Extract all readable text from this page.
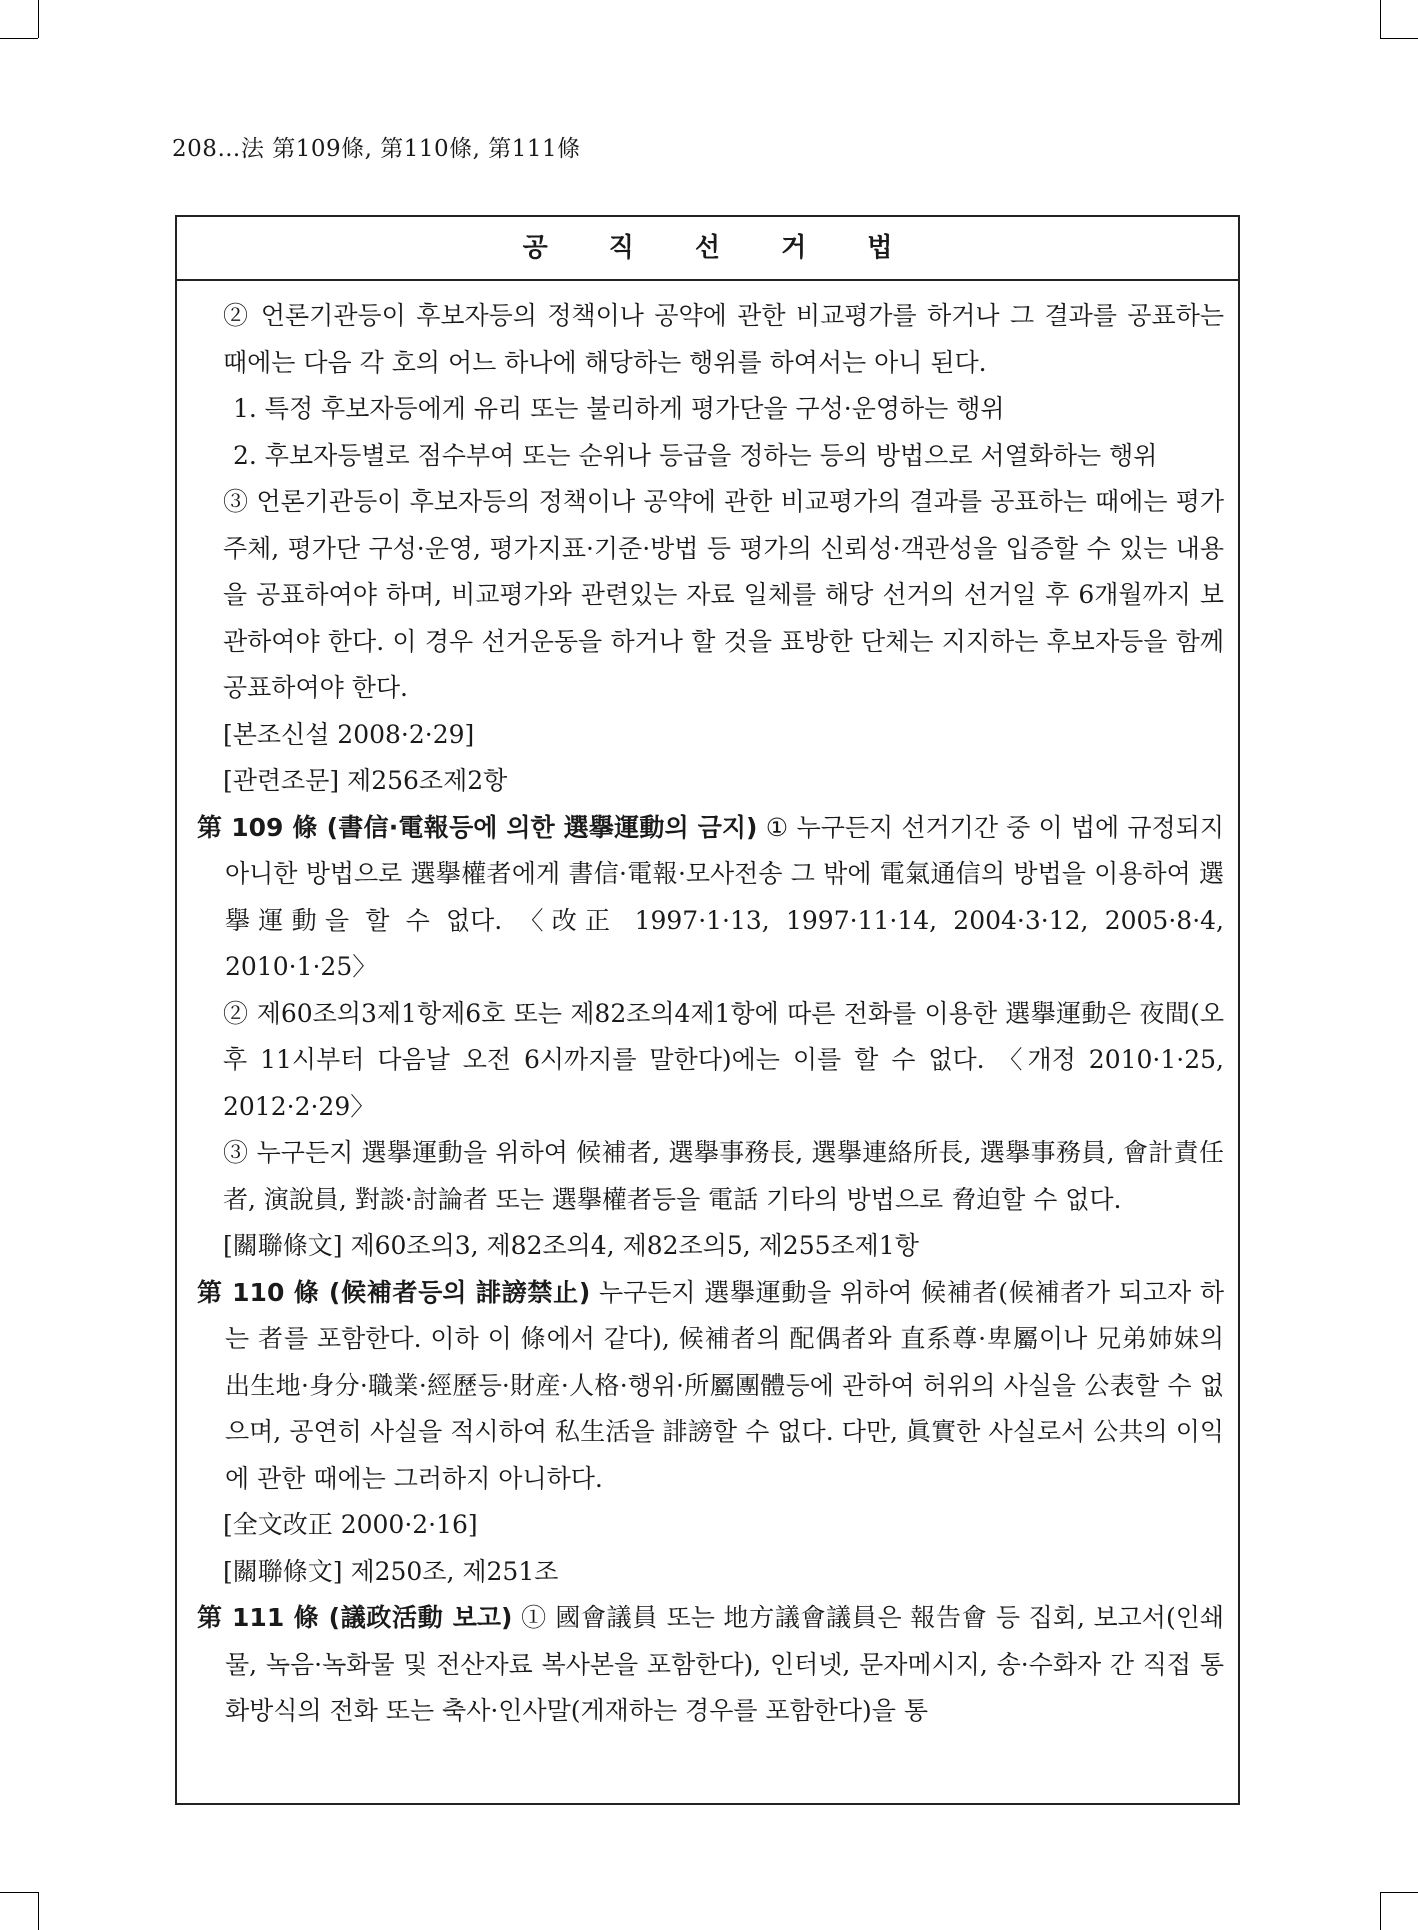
208…法 第109條, 第110條, 第111條
공 직 선 거 법

② 언론기관등이 후보자등의 정책이나 공약에 관한 비교평가를 하거나 그 결과를 공표하는 때에는 다음 각 호의 어느 하나에 해당하는 행위를 하여서는 아니 된다.

1. 특정 후보자등에게 유리 또는 불리하게 평가단을 구성·운영하는 행위

2. 후보자등별로 점수부여 또는 순위나 등급을 정하는 등의 방법으로 서열화하는 행위

③ 언론기관등이 후보자등의 정책이나 공약에 관한 비교평가의 결과를 공표하는 때에는 평가주체, 평가단 구성·운영, 평가지표·기준·방법 등 평가의 신뢰성·객관성을 입증할 수 있는 내용을 공표하여야 하며, 비교평가와 관련있는 자료 일체를 해당 선거의 선거일 후 6개월까지 보관하여야 한다. 이 경우 선거운동을 하거나 할 것을 표방한 단체는 지지하는 후보자등을 함께 공표하여야 한다.

[본조신설 2008·2·29]

[관련조문] 제256조제2항

第 109 條 (書信·電報등에 의한 選擧運動의 금지) ① 누구든지 선거기간 중 이 법에 규정되지 아니한 방법으로 選擧權者에게 書信·電報·모사전송 그 밖에 電氣通信의 방법을 이용하여 選擧運動을 할 수 없다. 〈改正 1997·1·13, 1997·11·14, 2004·3·12, 2005·8·4, 2010·1·25〉

② 제60조의3제1항제6호 또는 제82조의4제1항에 따른 전화를 이용한 選擧運動은 夜間(오후 11시부터 다음날 오전 6시까지를 말한다)에는 이를 할 수 없다. 〈개정 2010·1·25, 2012·2·29〉

③ 누구든지 選擧運動을 위하여 候補者, 選擧事務長, 選擧連絡所長, 選擧事務員, 會計責任者, 演說員, 對談·討論者 또는 選擧權者등을 電話 기타의 방법으로 脅迫할 수 없다.

[關聯條文] 제60조의3, 제82조의4, 제82조의5, 제255조제1항

第 110 條 (候補者등의 誹謗禁止) 누구든지 選擧運動을 위하여 候補者(候補者가 되고자 하는 者를 포함한다. 이하 이 條에서 같다), 候補者의 配偶者와 直系尊·卑屬이나 兄弟姉妹의 出生地·身分·職業·經歷등·財産·人格·행위·所屬團體등에 관하여 허위의 사실을 公表할 수 없으며, 공연히 사실을 적시하여 私生活을 誹謗할 수 없다. 다만, 眞實한 사실로서 公共의 이익에 관한 때에는 그러하지 아니하다.

[全文改正 2000·2·16]

[關聯條文] 제250조, 제251조

第 111 條 (議政活動 보고) ① 國會議員 또는 地方議會議員은 報告會 등 집회, 보고서(인쇄물, 녹음·녹화물 및 전산자료 복사본을 포함한다), 인터넷, 문자메시지, 송·수화자 간 직접 통화방식의 전화 또는 축사·인사말(게재하는 경우를 포함한다)을 통
